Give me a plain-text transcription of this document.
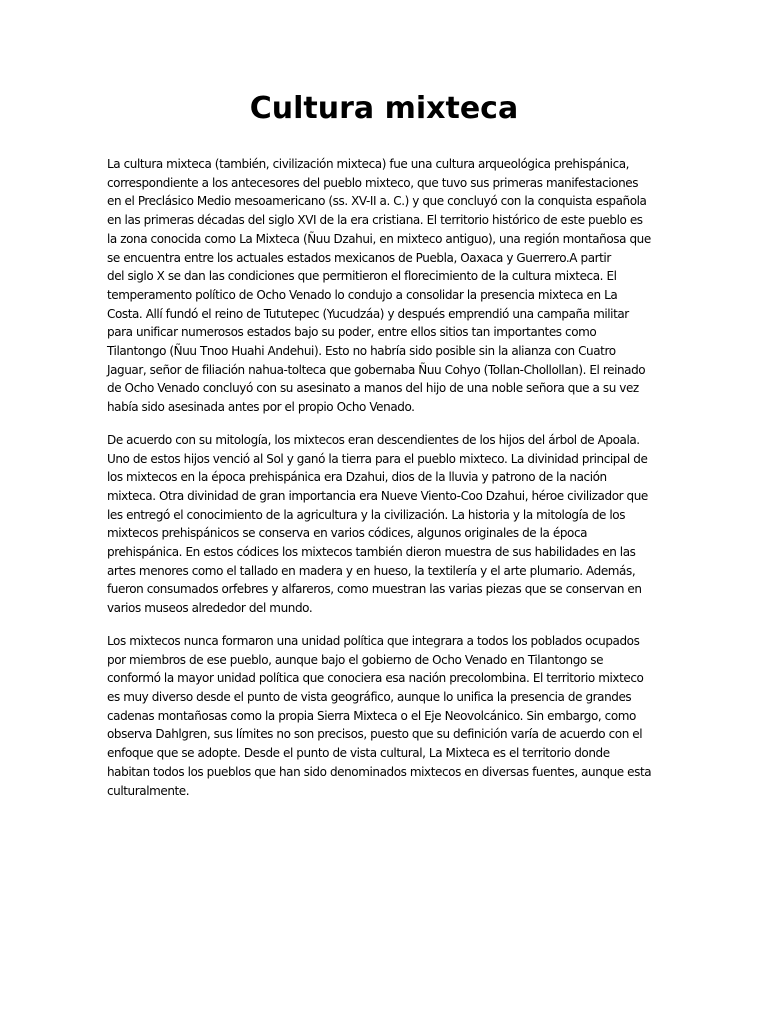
Cultura mixteca

La cultura mixteca (también, civilización mixteca) fue una cultura arqueológica prehispánica,
correspondiente a los antecesores del pueblo mixteco, que tuvo sus primeras manifestaciones
en el Preclásico Medio mesoamericano (ss. XV-II a. C.) y que concluyó con la conquista española
en las primeras décadas del siglo XVI de la era cristiana. El territorio histórico de este pueblo es
la zona conocida como La Mixteca (Ñuu Dzahui, en mixteco antiguo), una región montañosa que
se encuentra entre los actuales estados mexicanos de Puebla, Oaxaca y Guerrero.A partir
del siglo X se dan las condiciones que permitieron el florecimiento de la cultura mixteca. El
temperamento político de Ocho Venado lo condujo a consolidar la presencia mixteca en La
Costa. Allí fundó el reino de Tututepec (Yucudzáa) y después emprendió una campaña militar
para unificar numerosos estados bajo su poder, entre ellos sitios tan importantes como
Tilantongo (Ñuu Tnoo Huahi Andehui). Esto no habría sido posible sin la alianza con Cuatro
Jaguar, señor de filiación nahua-tolteca que gobernaba Ñuu Cohyo (Tollan-Chollollan). El reinado
de Ocho Venado concluyó con su asesinato a manos del hijo de una noble señora que a su vez
había sido asesinada antes por el propio Ocho Venado.

De acuerdo con su mitología, los mixtecos eran descendientes de los hijos del árbol de Apoala.
Uno de estos hijos venció al Sol y ganó la tierra para el pueblo mixteco. La divinidad principal de
los mixtecos en la época prehispánica era Dzahui, dios de la lluvia y patrono de la nación
mixteca. Otra divinidad de gran importancia era Nueve Viento-Coo Dzahui, héroe civilizador que
les entregó el conocimiento de la agricultura y la civilización. La historia y la mitología de los
mixtecos prehispánicos se conserva en varios códices, algunos originales de la época
prehispánica. En estos códices los mixtecos también dieron muestra de sus habilidades en las
artes menores como el tallado en madera y en hueso, la textilería y el arte plumario. Además,
fueron consumados orfebres y alfareros, como muestran las varias piezas que se conservan en
varios museos alrededor del mundo.

Los mixtecos nunca formaron una unidad política que integrara a todos los poblados ocupados
por miembros de ese pueblo, aunque bajo el gobierno de Ocho Venado en Tilantongo se
conformó la mayor unidad política que conociera esa nación precolombina. El territorio mixteco
es muy diverso desde el punto de vista geográfico, aunque lo unifica la presencia de grandes
cadenas montañosas como la propia Sierra Mixteca o el Eje Neovolcánico. Sin embargo, como
observa Dahlgren, sus límites no son precisos, puesto que su definición varía de acuerdo con el
enfoque que se adopte. Desde el punto de vista cultural, La Mixteca es el territorio donde
habitan todos los pueblos que han sido denominados mixtecos en diversas fuentes, aunque esta
culturalmente.
